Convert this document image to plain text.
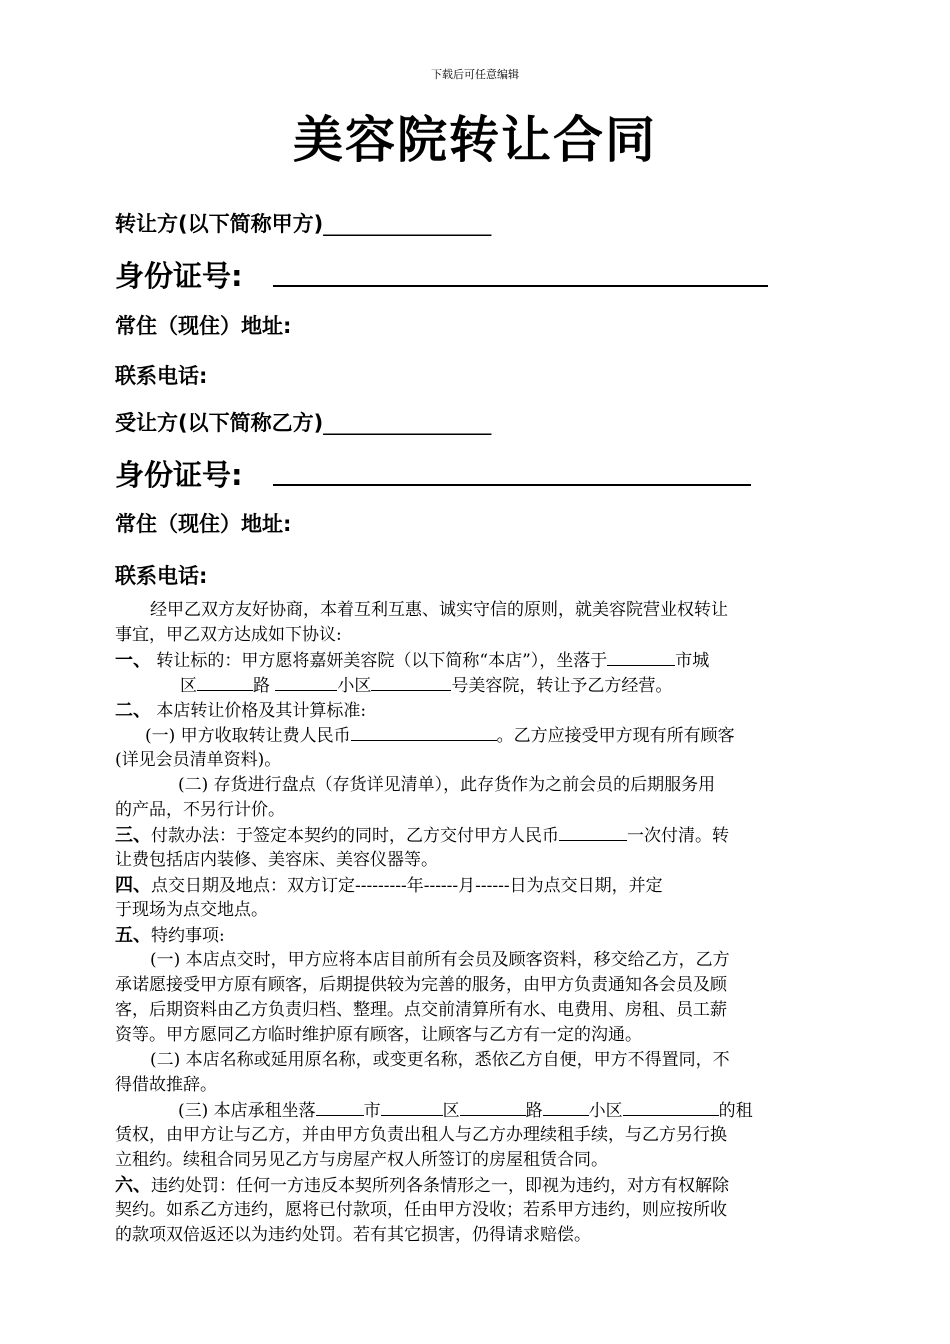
下载后可任意编辑
美容院转让合同
转让方(以下简称甲方)________________
身份证号:
常住（现住）地址:
联系电话:
受让方(以下简称乙方)________________
身份证号:
常住（现住）地址:
联系电话:
经甲乙双方友好协商，本着互利互惠、诚实守信的原则，就美容院营业权转让
事宜，甲乙双方达成如下协议:
一、 转让标的：甲方愿将嘉妍美容院（以下简称“本店”），坐落于	市城
区	路	小区	号美容院，转让予乙方经营。
二、 本店转让价格及其计算标准:
(一) 甲方收取转让费人民币	。乙方应接受甲方现有所有顾客
(详见会员清单资料)。
(二) 存货进行盘点（存货详见清单），此存货作为之前会员的后期服务用
的产品，不另行计价。
三、付款办法：于签定本契约的同时，乙方交付甲方人民币	一次付清。转
让费包括店内装修、美容床、美容仪器等。
四、点交日期及地点：双方订定---------年------月------日为点交日期，并定
于现场为点交地点。
五、特约事项:
(一) 本店点交时，甲方应将本店目前所有会员及顾客资料，移交给乙方，乙方
承诺愿接受甲方原有顾客，后期提供较为完善的服务，由甲方负责通知各会员及顾
客，后期资料由乙方负责归档、整理。点交前清算所有水、电费用、房租、员工薪
资等。甲方愿同乙方临时维护原有顾客，让顾客与乙方有一定的沟通。
(二) 本店名称或延用原名称，或变更名称，悉依乙方自便，甲方不得置同，不
得借故推辞。
(三) 本店承租坐落	市	区	路	小区	的租
赁权，由甲方让与乙方，并由甲方负责出租人与乙方办理续租手续，与乙方另行换
立租约。续租合同另见乙方与房屋产权人所签订的房屋租赁合同。
六、违约处罚：任何一方违反本契所列各条情形之一，即视为违约，对方有权解除
契约。如系乙方违约，愿将已付款项，任由甲方没收；若系甲方违约，则应按所收
的款项双倍返还以为违约处罚。若有其它损害，仍得请求赔偿。
